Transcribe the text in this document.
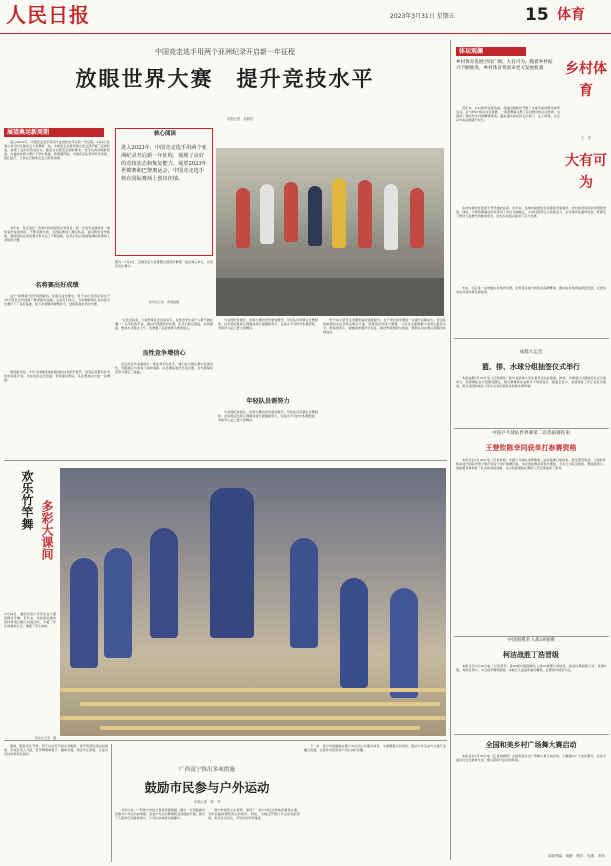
人民日报	2023年3月31日 星期五	15 体育
中国竞走选手用两个亚洲纪录开启新一年征程
放眼世界大赛　提升竞技水平
本报记者　刘硕阳
展望奥运新周期
进入2023年，中国竞走选手用两个亚洲纪录开启新一年征程。3月4日在黄山举行的全国竞走大奖赛第一站，中国竞走名将凭借出色发挥打破了亚洲纪录，展现了良好的竞技状态。随后在全国竞走锦标赛中，选手们再次刷新纪录，为备战世界大赛打下坚实基础。新周期伊始，中国竞走队坚持科学训练，稳扎稳打，力争在巴黎奥运会上取得佳绩。
多年来，竞走项目一直是中国田径的优势项目。新一代选手在继承老一辈优良传统的同时，不断突破自我，在国际赛场上屡有斩获。面对新的竞争格局，教练团队在训练理念和方法上不断创新，队员们也以更加饱满的热情投入训练和比赛。
名将赛出好成绩
这个“新周期”的开局很顺利。在黄山站比赛中，男子20公里竞走和女子20公里竞走均创造了赛季最好成绩。运动员们表示，冬训期间的扎实训练为比赛打下了良好基础，接下来将继续调整状态，迎接更高水平的比赛。
教练组介绍，今年冬训围绕体能储备和技术细节展开，每名队员都有针对性的训练计划。年轻选手成长迅速，老将保持稳定，队伍整体实力进一步增强。
核心阅读
进入2023年，中国竞走选手用两个亚洲纪录开启新一年征程，展现了良好的竞技状态和恢复能力。展望2023年世锦赛和巴黎奥运会，中国竞走选手将在国际赛场上创出佳绩。
图为：3月4日，全国竞走大奖赛暨全国冠军赛第一站在黄山举行，运动员在比赛中。
新华社记者　黄博涵摄
“在竞走队里，大家既是队友也是对手。良性竞争让每个人都不敢松懈。”一名年轻选手说。通过内部测试和比赛，队员们相互促进，共同提高，整体水平稳步上升，也增强了征战世界大赛的信心。
良性竞争增信心
竞走队近年来涌现出一批优秀年轻选手，他们在全国比赛中表现出色，逐渐缩小与老将之间的差距。队伍梯队建设日趋合理，为长期保持竞争力奠定了基础。
与亚洲纪录相比，世界大赛的竞争更加激烈。年轻队员需要在比赛经验、技术稳定性和心理素质等方面继续努力，在高水平对抗中积累经验，争取早日站上更大的舞台。
年轻队员需努力
与亚洲纪录相比，世界大赛的竞争更加激烈。年轻队员需要在比赛经验、技术稳定性和心理素质等方面继续努力，在高水平对抗中积累经验，争取早日站上更大的舞台。
男子20公里竞走需要更高的速度耐力，女子项目则需要进一步提升后程能力。竞走队将根据每名队员特点制定方案，统筹安排训练与参赛，力求在关键赛事中发挥出最佳水平。教练组表示，将继续加强科学训练，做好伤病预防与恢复，帮助队员在奥运周期内持续进步。
体坛观澜
乡村体育发展空间广阔，大有可为。随着乡村振兴不断推进，乡村体育将迎来更大发展机遇	乡村体育
大有可为
王　亮
近年来，乡村体育发展迅速，各地因地制宜开展了丰富多彩的群众体育活动。从“村BA”到乡村足球赛，一项项赛事点燃了乡村群众的运动热情，也展现了新时代乡村的精神风貌。越来越多的农民走出家门、走上球场，在运动中收获健康与快乐。
乡村体育的发展离不开设施的完善。近年来，各地持续推进全民健身设施建设，农村体育场地条件明显改善。同时，丰富的赛事活动也带动了乡村文旅融合，为乡村经济注入新的活力。乡村体育的蓬勃发展，既满足了群众日益增长的健身需求，也为乡村振兴提供了有力支撑。
未来，还应进一步挖掘乡村体育资源，培育具有地方特色的品牌赛事，推动乡村体育高质量发展，让更多农民共享体育发展成果。
成都大运会
篮、排、水球分组抽签仪式举行
本报成都3月30日电（记者郑轶）第31届世界大学生夏季运动会篮球、排球、水球项目分组抽签仪式日前举行。各参赛队伍分组情况确定，相关赛事将在成都多个场馆进行。组委会表示，各项筹备工作正在有序推进，将为各国和地区大学生运动员提供优质的比赛环境。
中国乒乓球队世界赛第二站选拔赛结束
王楚钦陈幸同获单打参赛资格
本报北京3月30日电（记者李硕）中国乒乓球队世界赛第二站选拔赛日前结束。经过激烈角逐，王楚钦和陈幸同分别获得男子单打和女子单打参赛资格。本次选拔赛采用积分赛制，多名主力队员参加。教练组表示，选拔赛有效检验了队员的训练成果，也为后续国际比赛的人员安排提供了参考。
中国围棋名人战16强赛
柯洁战胜丁浩晋级
本报北京3月30日电（记者季芳）第36届中国围棋名人战16强赛日前结束，柯洁执黑战胜丁浩，晋级8强。其他对局中，多名棋手顺利晋级。本届名人战采用新的赛制，比赛将持续至年底。
全国和美乡村广场舞大赛启动
本报北京3月30日电（记者刘硕阳）全国和美乡村广场舞大赛日前启动。大赛面向广大农民群众，旨在丰富乡村文化体育生活，展示新时代乡村新风貌。
本版责编：杨静　制作：吴康　李浩
欢乐竹竿舞 多彩大课间
3月29日，湖南省某小学学生在大课间跳竹竿舞。近年来，该校将民族传统体育项目融入校园活动，丰富了学生的课余生活，增强了学生体质。
新华社记者　摄
课间，随着音乐节奏，孩子们在竹竿间灵活跳跃，欢声笑语回荡在校园里。学校负责人介绍，竹竿舞简单易学、趣味性强，深受学生喜爱，已成为学校体育特色项目。
广西南宁推出多项措施
鼓励市民参与户外运动
本报记者　钟　华
今年以来，广西南宁市结合自身资源禀赋，推出一系列鼓励市民参与户外运动的举措。各类户外运动赛事和活动陆续开展，吸引了大量市民和游客参与，户外运动热度持续攀升。
南宁市依托山水资源，建设了一批户外运动营地和健身步道，为市民提供便利的运动场所。同时，当地还开展户外运动技能培训，普及安全知识，引导市民科学健身。
下一步，南宁市将继续完善户外运动公共服务体系，丰富赛事活动供给，推动户外运动与文旅产业融合发展，让更多市民享受户外运动的乐趣。
